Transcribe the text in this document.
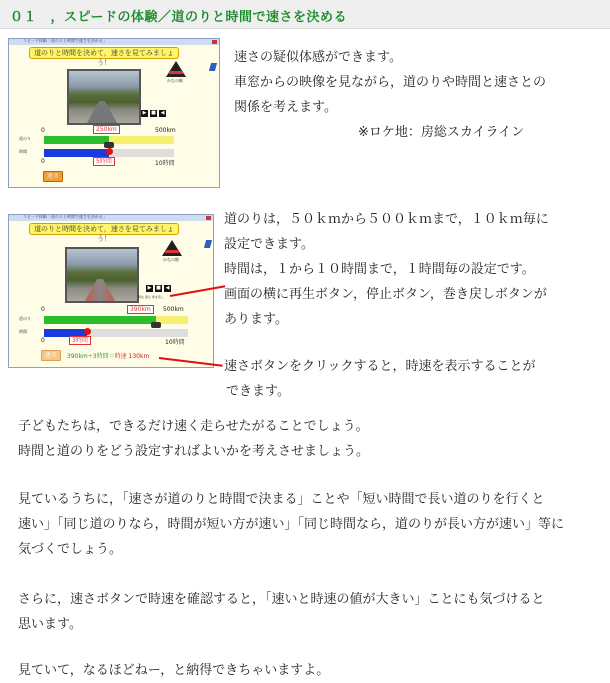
０１　，スピードの体験／道のりと時間で速さを決める
スピード体験「道のりと時間で速さを決める」
道のりと時間を決めて，速さを見てみましょう！
かなの駅
▶ ■ ◀
0	250km	500km
道のり
時間
0	5時間	10時間
速さ
速さの疑似体感ができます。
車窓からの映像を見ながら，道のりや時間と速さとの
関係を考えます。
※ロケ地：房総スカイライン
スピード体験「道のりと時間で速さを決める」
道のりと時間を決めて，速さを見てみましょう！
かなの駅
▶ ■ ◀
再生 停止 巻き戻し
0	390km	500km
道のり
時間
0	3時間	10時間
速さ	390km÷3時間＝時速 130km
道のりは，５０ｋｍから５００ｋｍまで，１０ｋｍ毎に
設定できます。
時間は，１から１０時間まで，１時間毎の設定です。
画面の横に再生ボタン，停止ボタン，巻き戻しボタンが
あります。
速さボタンをクリックすると，時速を表示することが
できます。
子どもたちは，できるだけ速く走らせたがることでしょう。
時間と道のりをどう設定すればよいかを考えさせましょう。
見ているうちに，「速さが道のりと時間で決まる」ことや「短い時間で長い道のりを行くと
速い」「同じ道のりなら，時間が短い方が速い」「同じ時間なら，道のりが長い方が速い」等に
気づくでしょう。
さらに，速さボタンで時速を確認すると，「速いと時速の値が大きい」ことにも気づけると
思います。
見ていて，なるほどねー，と納得できちゃいますよ。
